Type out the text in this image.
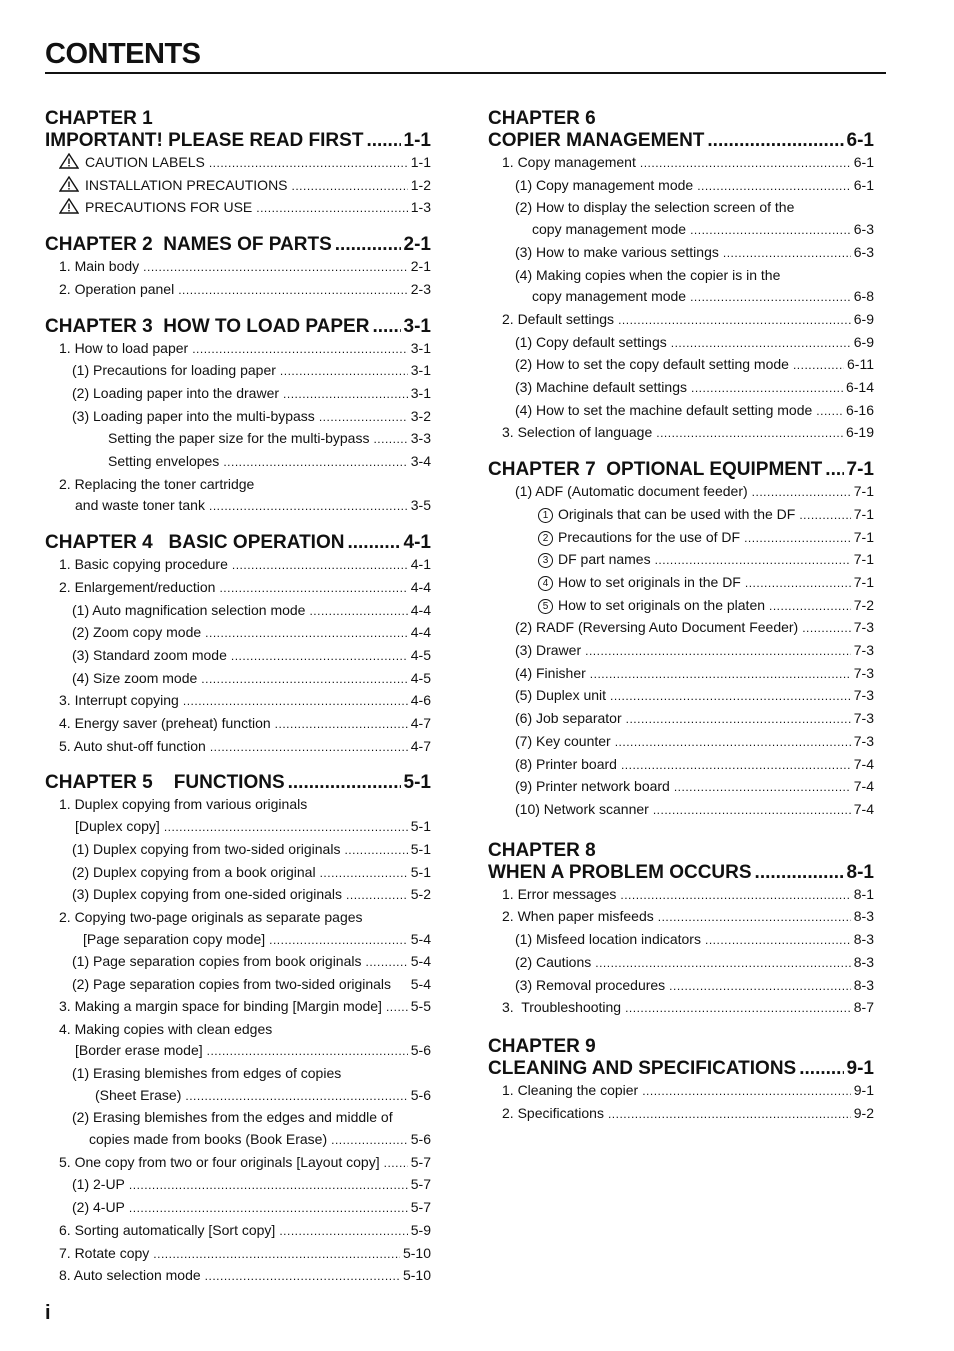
CONTENTS
CHAPTER 1
IMPORTANT! PLEASE READ FIRST ..... 1-1
CAUTION LABELS .....	1-1
INSTALLATION PRECAUTIONS .....	1-2
PRECAUTIONS FOR USE .....	1-3
CHAPTER 2  NAMES OF PARTS .....	2-1
1. Main body .....	2-1
2. Operation panel .....	2-3
CHAPTER 3  HOW TO LOAD PAPER ..... 3-1
1. How to load paper .....	3-1
(1) Precautions for loading paper .....	3-1
(2) Loading paper into the drawer .....	3-1
(3) Loading paper into the multi-bypass .....	3-2
Setting the paper size for the multi-bypass .....	3-3
Setting envelopes .....	3-4
2. Replacing the toner cartridge
and waste toner tank .....	3-5
CHAPTER 4   BASIC OPERATION .....	4-1
1. Basic copying procedure .....	4-1
2. Enlargement/reduction .....	4-4
(1) Auto magnification selection mode .....	4-4
(2) Zoom copy mode .....	4-4
(3) Standard zoom mode .....	4-5
(4) Size zoom mode .....	4-5
3. Interrupt copying .....	4-6
4. Energy saver (preheat) function .....	4-7
5. Auto shut-off function .....	4-7
CHAPTER 5    FUNCTIONS .....	5-1
1. Duplex copying from various originals
[Duplex copy] .....	5-1
(1) Duplex copying from two-sided originals .....	5-1
(2) Duplex copying from a book original .....	5-1
(3) Duplex copying from one-sided originals .....	5-2
2. Copying two-page originals as separate pages
[Page separation copy mode] .....	5-4
(1) Page separation copies from book originals .....	5-4
(2) Page separation copies from two-sided originals 5-4
3. Making a margin space for binding [Margin mode] ..... 5-5
4. Making copies with clean edges
[Border erase mode] .....	5-6
(1) Erasing blemishes from edges of copies
(Sheet Erase) .....	5-6
(2) Erasing blemishes from the edges and middle of
copies made from books (Book Erase) .....	5-6
5. One copy from two or four originals [Layout copy] ..... 5-7
(1) 2-UP .....	5-7
(2) 4-UP .....	5-7
6. Sorting automatically [Sort copy] .....	5-9
7. Rotate copy .....	5-10
8. Auto selection mode .....	5-10
CHAPTER 6
COPIER MANAGEMENT .....	6-1
1. Copy management .....	6-1
(1) Copy management mode .....	6-1
(2) How to display the selection screen of the
copy management mode .....	6-3
(3) How to make various settings .....	6-3
(4) Making copies when the copier is in the
copy management mode .....	6-8
2. Default settings .....	6-9
(1) Copy default settings .....	6-9
(2) How to set the copy default setting mode .....	6-11
(3) Machine default settings .....	6-14
(4) How to set the machine default setting mode ..... 6-16
3. Selection of language .....	6-19
CHAPTER 7  OPTIONAL EQUIPMENT ..... 7-1
(1) ADF (Automatic document feeder) .....	7-1
1 Originals that can be used with the DF .....	7-1
2 Precautions for the use of DF .....	7-1
3 DF part names .....	7-1
4 How to set originals in the DF .....	7-1
5 How to set originals on the platen .....	7-2
(2) RADF (Reversing Auto Document Feeder) .....	7-3
(3) Drawer .....	7-3
(4) Finisher .....	7-3
(5) Duplex unit .....	7-3
(6) Job separator .....	7-3
(7) Key counter .....	7-3
(8) Printer board .....	7-4
(9) Printer network board .....	7-4
(10) Network scanner .....	7-4
CHAPTER 8
WHEN A PROBLEM OCCURS .....	8-1
1. Error messages .....	8-1
2. When paper misfeeds .....	8-3
(1) Misfeed location indicators .....	8-3
(2) Cautions .....	8-3
(3) Removal procedures .....	8-3
3.  Troubleshooting .....	8-7
CHAPTER 9
CLEANING AND SPECIFICATIONS .....	9-1
1. Cleaning the copier .....	9-1
2. Specifications .....	9-2
i
